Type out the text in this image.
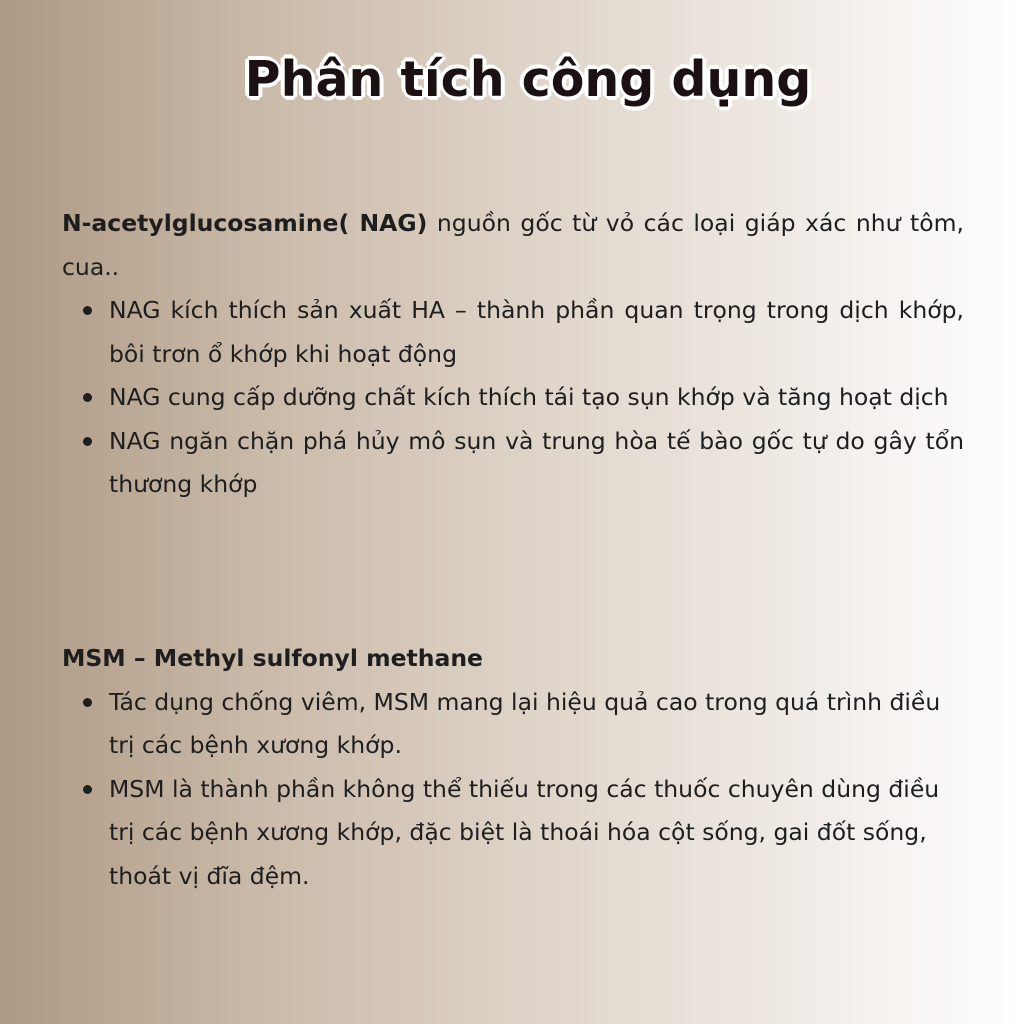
Phân tích công dụng

N-acetylglucosamine( NAG) nguồn gốc từ vỏ các loại giáp xác như tôm, cua..

NAG kích thích sản xuất HA – thành phần quan trọng trong dịch khớp, bôi trơn ổ khớp khi hoạt động
NAG cung cấp dưỡng chất kích thích tái tạo sụn khớp và tăng hoạt dịch
NAG ngăn chặn phá hủy mô sụn và trung hòa tế bào gốc tự do gây tổn thương khớp

MSM – Methyl sulfonyl methane

Tác dụng chống viêm, MSM mang lại hiệu quả cao trong quá trình điều trị các bệnh xương khớp.
MSM là thành phần không thể thiếu trong các thuốc chuyên dùng điều trị các bệnh xương khớp, đặc biệt là thoái hóa cột sống, gai đốt sống, thoát vị đĩa đệm.
